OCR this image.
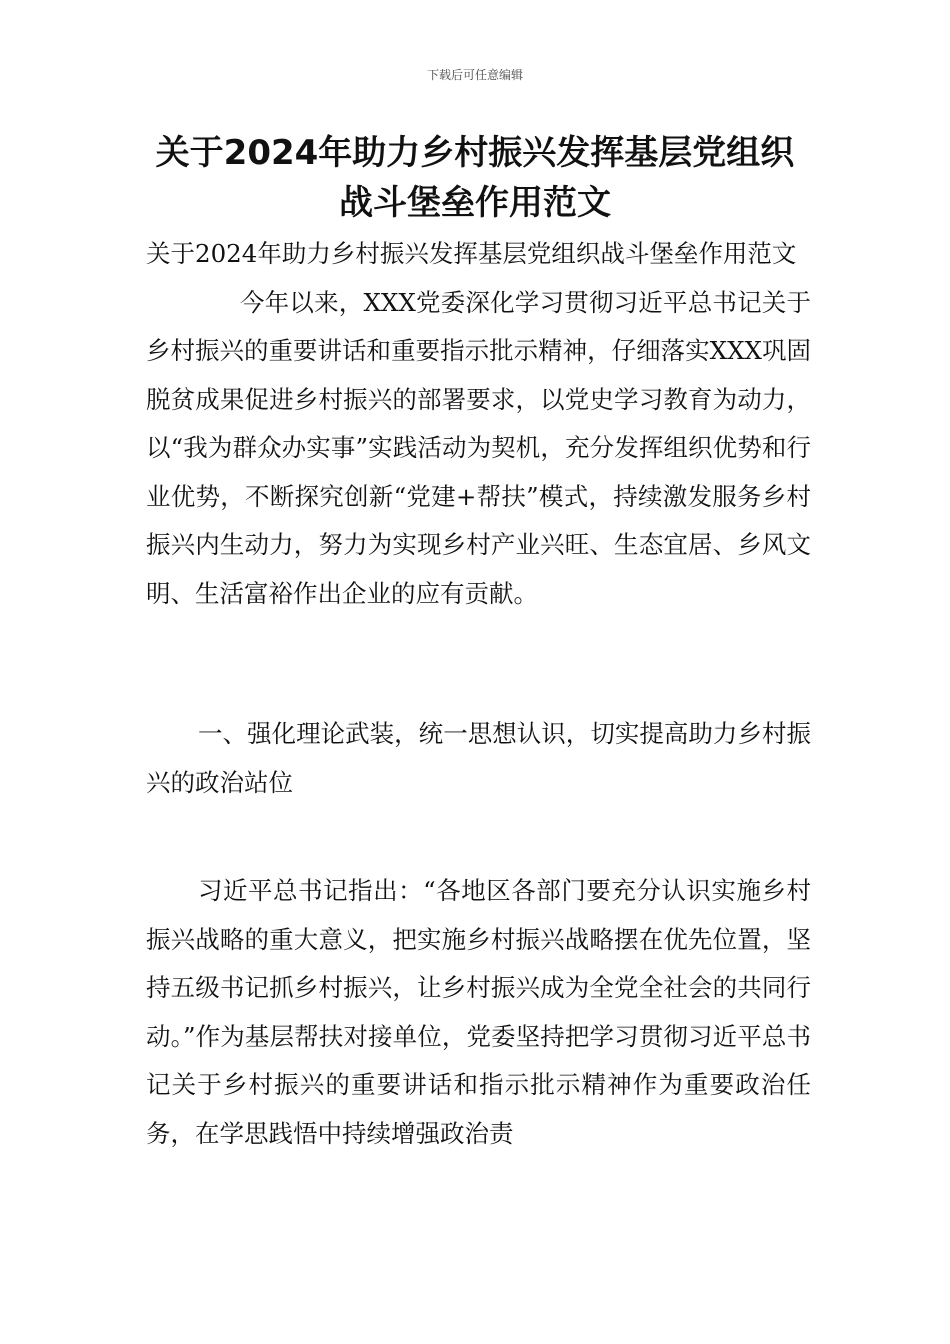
下载后可任意编辑
关于2024年助力乡村振兴发挥基层党组织
战斗堡垒作用范文

关于2024年助力乡村振兴发挥基层党组织战斗堡垒作用范文

今年以来，XXX党委深化学习贯彻习近平总书记关于乡村振兴的重要讲话和重要指示批示精神，仔细落实XXX巩固脱贫成果促进乡村振兴的部署要求，以党史学习教育为动力，以“我为群众办实事”实践活动为契机，充分发挥组织优势和行业优势，不断探究创新“党建+帮扶”模式，持续激发服务乡村振兴内生动力，努力为实现乡村产业兴旺、生态宜居、乡风文明、生活富裕作出企业的应有贡献。

一、强化理论武装，统一思想认识，切实提高助力乡村振兴的政治站位

习近平总书记指出：“各地区各部门要充分认识实施乡村振兴战略的重大意义，把实施乡村振兴战略摆在优先位置，坚持五级书记抓乡村振兴，让乡村振兴成为全党全社会的共同行动。”作为基层帮扶对接单位，党委坚持把学习贯彻习近平总书记关于乡村振兴的重要讲话和指示批示精神作为重要政治任务，在学思践悟中持续增强政治责
